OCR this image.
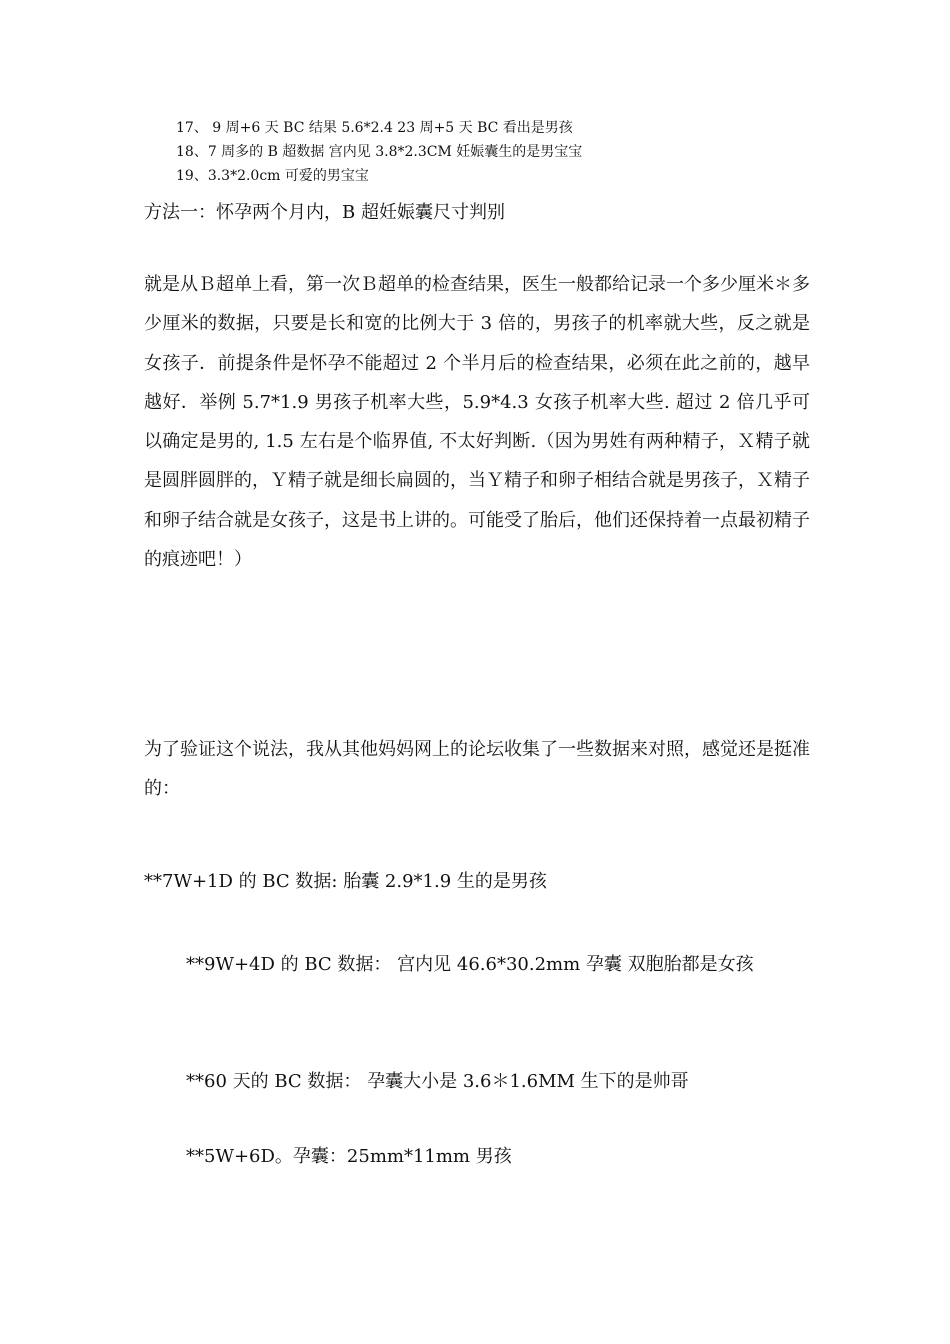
17、 9 周+6 天 BC 结果 5.6*2.4 23 周+5 天 BC 看出是男孩
18、7 周多的 B 超数据 宫内见 3.8*2.3CM 妊娠囊生的是男宝宝
19、3.3*2.0cm 可爱的男宝宝
方法一：怀孕两个月内，B 超妊娠囊尺寸判别
就是从Ｂ超单上看，第一次Ｂ超单的检查结果，医生一般都给记录一个多少厘米＊多少厘米的数据，只要是长和宽的比例大于 3 倍的，男孩子的机率就大些，反之就是女孩子．前提条件是怀孕不能超过 2 个半月后的检查结果，必须在此之前的，越早越好．举例 5.7*1.9 男孩子机率大些，5.9*4.3 女孩子机率大些. 超过 2 倍几乎可以确定是男的, 1.5 左右是个临界值, 不太好判断.（因为男姓有两种精子，Ｘ精子就是圆胖圆胖的，Ｙ精子就是细长扁圆的，当Ｙ精子和卵子相结合就是男孩子，Ｘ精子和卵子结合就是女孩子，这是书上讲的。可能受了胎后，他们还保持着一点最初精子的痕迹吧！）
为了验证这个说法，我从其他妈妈网上的论坛收集了一些数据来对照，感觉还是挺准的：
**7W+1D 的 BC 数据: 胎囊 2.9*1.9 生的是男孩
**9W+4D 的 BC 数据： 宫内见 46.6*30.2mm 孕囊 双胞胎都是女孩
**60 天的 BC 数据： 孕囊大小是 3.6＊1.6MM 生下的是帅哥
**5W+6D。孕囊：25mm*11mm 男孩
